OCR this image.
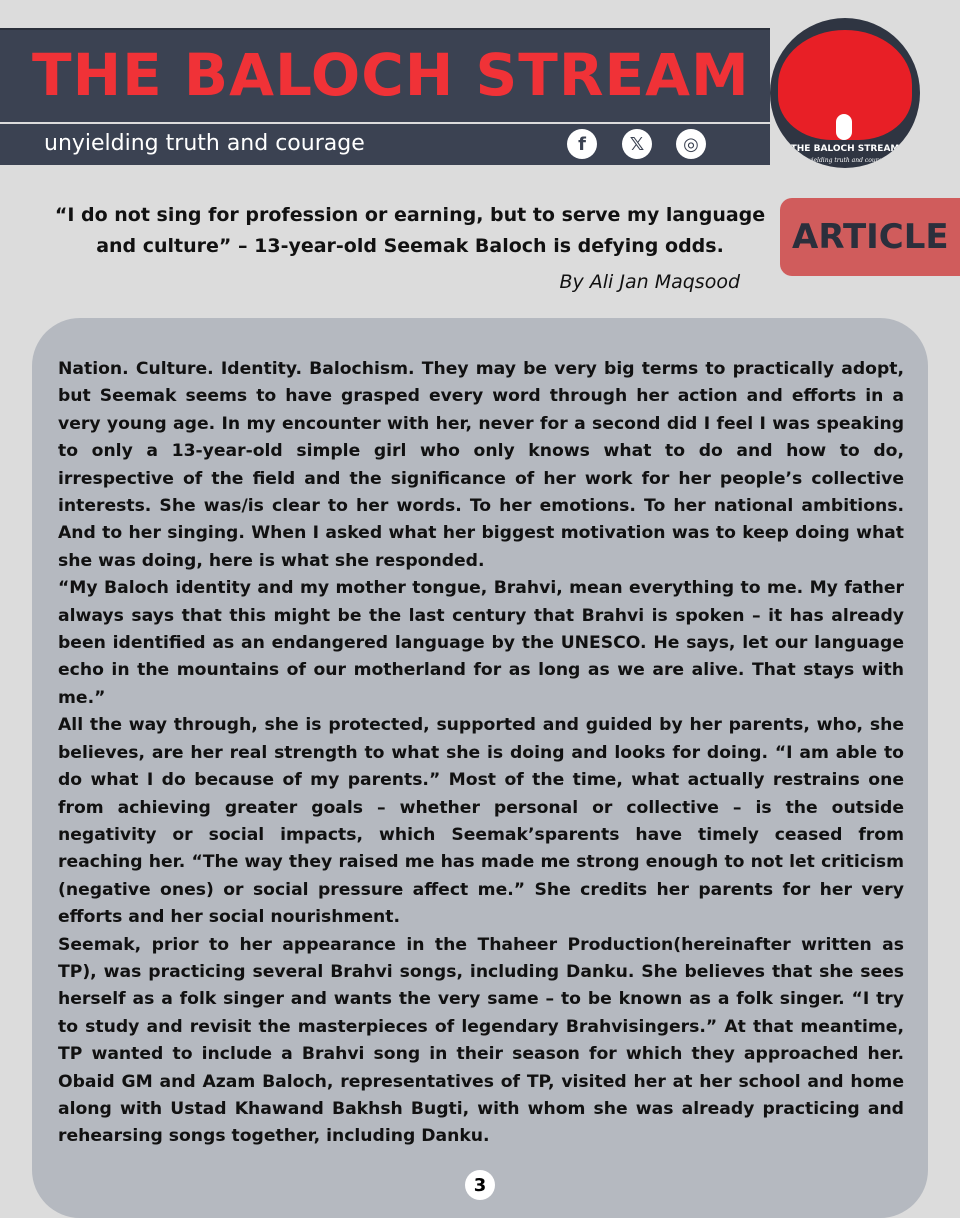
THE BALOCH STREAM
unyielding truth and courage	f	𝕏	◎	THE BALOCH STREAM
unyielding truth and courage
“I do not sing for profession or earning, but to serve my language and culture” – 13-year-old Seemak Baloch is defying odds.
By Ali Jan Maqsood
ARTICLE
Nation. Culture. Identity. Balochism. They may be very big terms to practically adopt, but Seemak seems to have grasped every word through her action and efforts in a very young age. In my encounter with her, never for a second did I feel I was speaking to only a 13-year-old simple girl who only knows what to do and how to do, irrespective of the field and the significance of her work for her people’s collective interests. She was/is clear to her words. To her emotions. To her national ambitions. And to her singing. When I asked what her biggest motivation was to keep doing what she was doing, here is what she responded.
“My Baloch identity and my mother tongue, Brahvi, mean everything to me. My father always says that this might be the last century that Brahvi is spoken – it has already been identified as an endangered language by the UNESCO. He says, let our language echo in the mountains of our motherland for as long as we are alive. That stays with me.”
All the way through, she is protected, supported and guided by her parents, who, she believes, are her real strength to what she is doing and looks for doing. “I am able to do what I do because of my parents.” Most of the time, what actually restrains one from achieving greater goals – whether personal or collective – is the outside negativity or social impacts, which Seemak’sparents have timely ceased from reaching her. “The way they raised me has made me strong enough to not let criticism (negative ones) or social pressure affect me.” She credits her parents for her very efforts and her social nourishment.
Seemak, prior to her appearance in the Thaheer Production(hereinafter written as TP), was practicing several Brahvi songs, including Danku. She believes that she sees herself as a folk singer and wants the very same – to be known as a folk singer. “I try to study and revisit the masterpieces of legendary Brahvisingers.” At that meantime, TP wanted to include a Brahvi song in their season for which they approached her. Obaid GM and Azam Baloch, representatives of TP, visited her at her school and home along with Ustad Khawand Bakhsh Bugti, with whom she was already practicing and rehearsing songs together, including Danku.
3
